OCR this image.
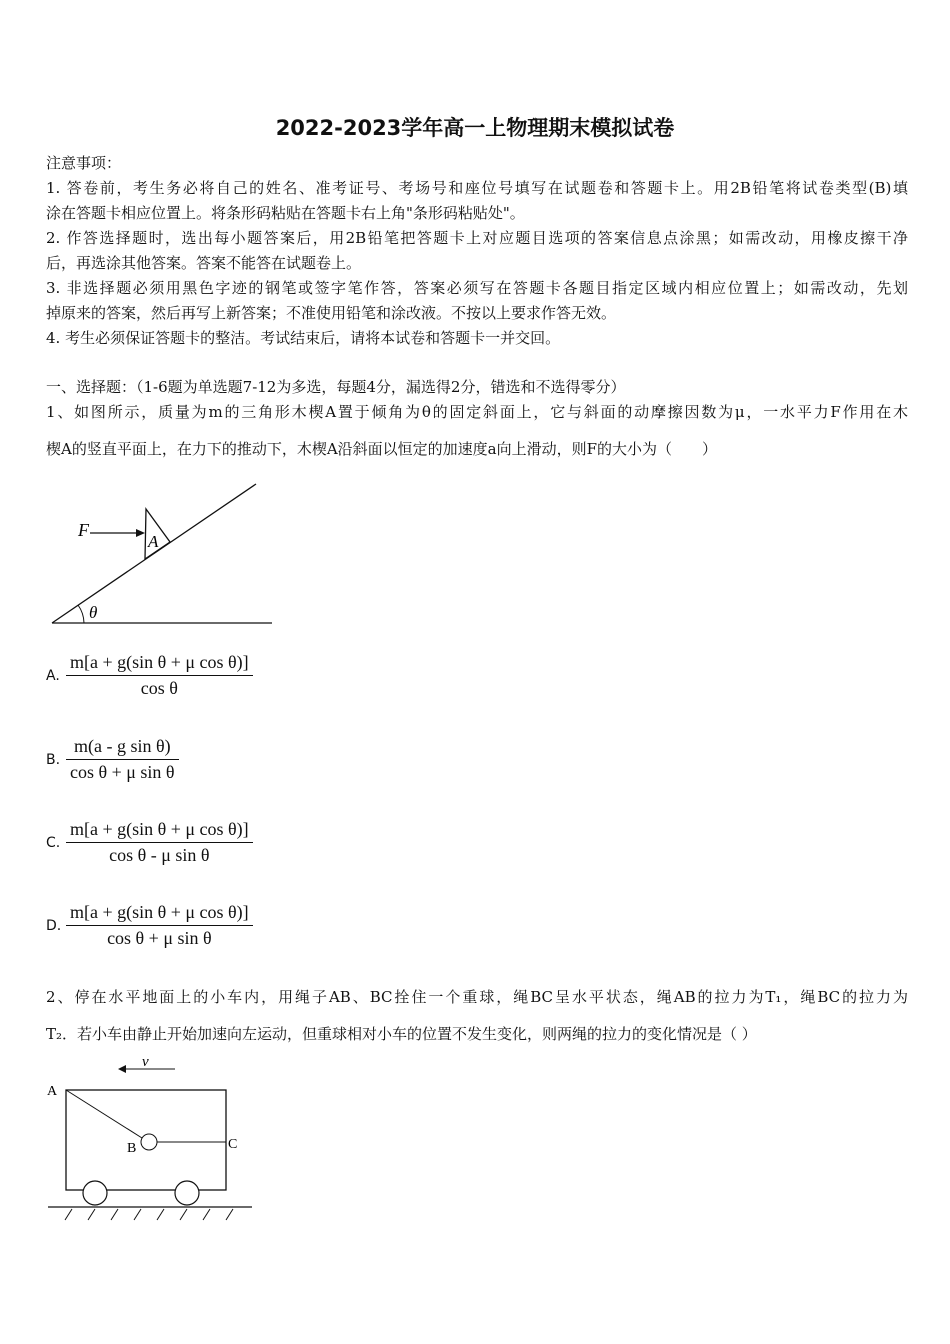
2022-2023学年高一上物理期末模拟试卷
注意事项：
1. 答卷前，考生务必将自己的姓名、准考证号、考场号和座位号填写在试题卷和答题卡上。用2B铅笔将试卷类型(B)填
涂在答题卡相应位置上。将条形码粘贴在答题卡右上角"条形码粘贴处"。
2. 作答选择题时，选出每小题答案后，用2B铅笔把答题卡上对应题目选项的答案信息点涂黑；如需改动，用橡皮擦干净
后，再选涂其他答案。答案不能答在试题卷上。
3. 非选择题必须用黑色字迹的钢笔或签字笔作答，答案必须写在答题卡各题目指定区域内相应位置上；如需改动，先划
掉原来的答案，然后再写上新答案；不准使用铅笔和涂改液。不按以上要求作答无效。
4. 考生必须保证答题卡的整洁。考试结束后，请将本试卷和答题卡一并交回。
一、选择题：（1-6题为单选题7-12为多选，每题4分，漏选得2分，错选和不选得零分）
1、如图所示，质量为m的三角形木楔A置于倾角为θ的固定斜面上，它与斜面的动摩擦因数为μ，一水平力F作用在木
楔A的竖直平面上，在力下的推动下，木楔A沿斜面以恒定的加速度a向上滑动，则F的大小为（　　）
F
A
θ
A. $\frac{\text{m[a + g(sin θ + μ cos θ)]}}{\text{cos θ}}$
B. $\frac{\text{m(a - g sin θ)}}{\text{cos θ + μ sin θ}}$
C. $\frac{\text{m[a + g(sin θ + μ cos θ)]}}{\text{cos θ - μ sin θ}}$
D. $\frac{\text{m[a + g(sin θ + μ cos θ)]}}{\text{cos θ + μ sin θ}}$
2、停在水平地面上的小车内，用绳子AB、BC拴住一个重球，绳BC呈水平状态，绳AB的拉力为T₁，绳BC的拉力为
T₂．若小车由静止开始加速向左运动，但重球相对小车的位置不发生变化，则两绳的拉力的变化情况是（ ）
v
A
B	C
